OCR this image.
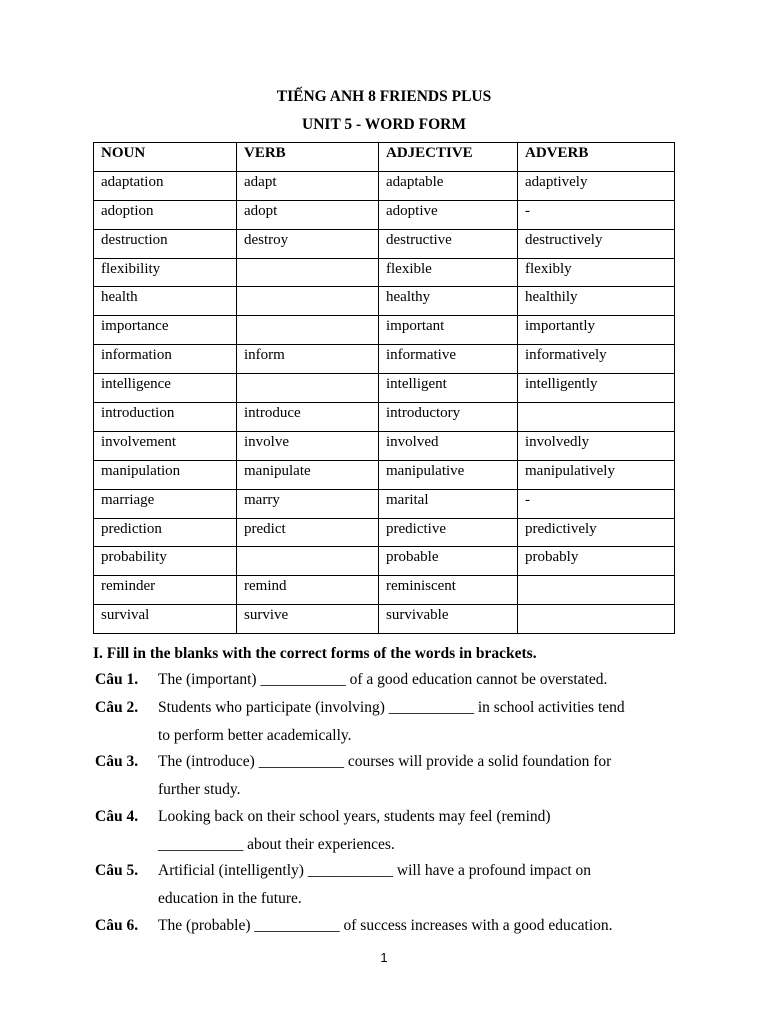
TIẾNG ANH 8 FRIENDS PLUS
UNIT 5 - WORD FORM
NOUN	VERB	ADJECTIVE	ADVERB
adaptation	adapt	adaptable	adaptively
adoption	adopt	adoptive	-
destruction	destroy	destructive	destructively
flexibility		flexible	flexibly
health		healthy	healthily
importance		important	importantly
information	inform	informative	informatively
intelligence		intelligent	intelligently
introduction	introduce	introductory	
involvement	involve	involved	involvedly
manipulation	manipulate	manipulative	manipulatively
marriage	marry	marital	-
prediction	predict	predictive	predictively
probability		probable	probably
reminder	remind	reminiscent	
survival	survive	survivable	

I. Fill in the blanks with the correct forms of the words in brackets.

Câu 1. The (important) ___________ of a good education cannot be overstated.
Câu 2. Students who participate (involving) ___________ in school activities tend
to perform better academically.
Câu 3. The (introduce) ___________ courses will provide a solid foundation for
further study.
Câu 4. Looking back on their school years, students may feel (remind)
___________ about their experiences.
Câu 5. Artificial (intelligently) ___________ will have a profound impact on
education in the future.
Câu 6. The (probable) ___________ of success increases with a good education.
1
